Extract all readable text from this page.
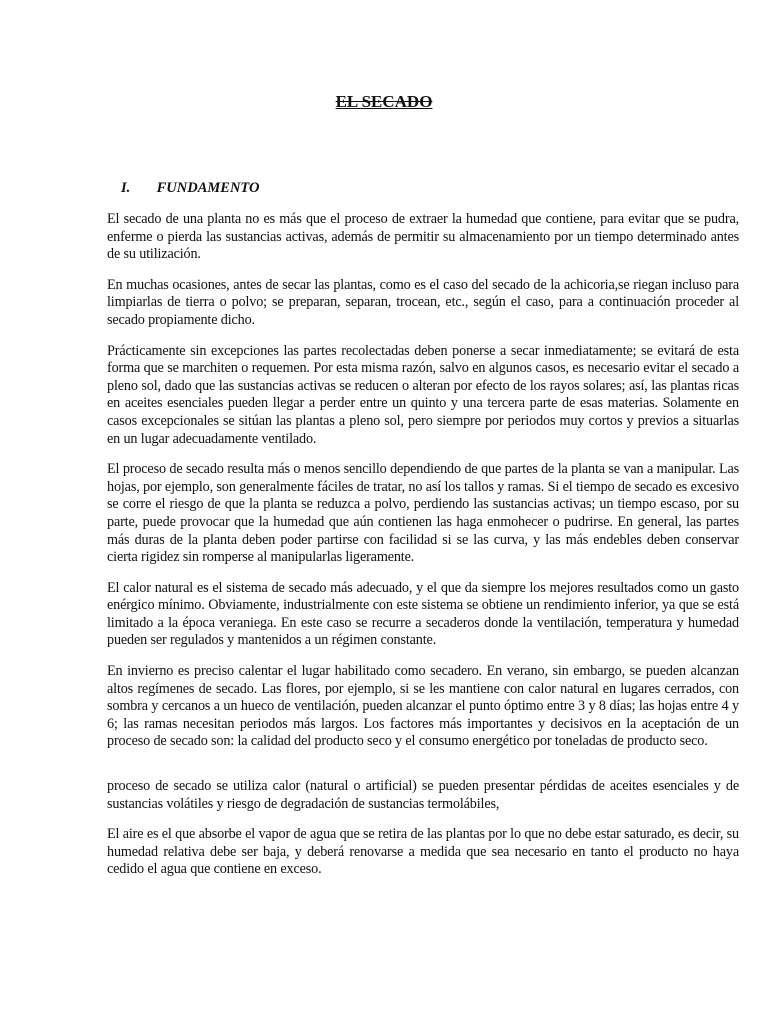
EL SECADO
I. FUNDAMENTO

El secado de una planta no es más que el proceso de extraer la humedad que contiene, para evitar que se pudra, enferme o pierda las sustancias activas, además de permitir su almacenamiento por un tiempo determinado antes de su utilización.

En muchas ocasiones, antes de secar las plantas, como es el caso del secado de la achicoria,se riegan incluso para limpiarlas de tierra o polvo; se preparan, separan, trocean, etc., según el caso, para a continuación proceder al secado propiamente dicho.

Prácticamente sin excepciones las partes recolectadas deben ponerse a secar inmediatamente; se evitará de esta forma que se marchiten o requemen. Por esta misma razón, salvo en algunos casos, es necesario evitar el secado a pleno sol, dado que las sustancias activas se reducen o alteran por efecto de los rayos solares; así, las plantas ricas en aceites esenciales pueden llegar a perder entre un quinto y una tercera parte de esas materias. Solamente en casos excepcionales se sitúan las plantas a pleno sol, pero siempre por periodos muy cortos y previos a situarlas en un lugar adecuadamente ventilado.

El proceso de secado resulta más o menos sencillo dependiendo de que partes de la planta se van a manipular. Las hojas, por ejemplo, son generalmente fáciles de tratar, no así los tallos y ramas. Si el tiempo de secado es excesivo se corre el riesgo de que la planta se reduzca a polvo, perdiendo las sustancias activas; un tiempo escaso, por su parte, puede provocar que la humedad que aún contienen las haga enmohecer o pudrirse. En general, las partes más duras de la planta deben poder partirse con facilidad si se las curva, y las más endebles deben conservar cierta rigidez sin romperse al manipularlas ligeramente.

El calor natural es el sistema de secado más adecuado, y el que da siempre los mejores resultados como un gasto enérgico mínimo. Obviamente, industrialmente con este sistema se obtiene un rendimiento inferior, ya que se está limitado a la época veraniega. En este caso se recurre a secaderos donde la ventilación, temperatura y humedad pueden ser regulados y mantenidos a un régimen constante.

En invierno es preciso calentar el lugar habilitado como secadero. En verano, sin embargo, se pueden alcanzan altos regímenes de secado. Las flores, por ejemplo, si se les mantiene con calor natural en lugares cerrados, con sombra y cercanos a un hueco de ventilación, pueden alcanzar el punto óptimo entre 3 y 8 días; las hojas entre 4 y 6; las ramas necesitan periodos más largos. Los factores más importantes y decisivos en la aceptación de un proceso de secado son: la calidad del producto seco y el consumo energético por toneladas de producto seco.

proceso de secado se utiliza calor (natural o artificial) se pueden presentar pérdidas de aceites esenciales y de sustancias volátiles y riesgo de degradación de sustancias termolábiles,

El aire es el que absorbe el vapor de agua que se retira de las plantas por lo que no debe estar saturado, es decir, su humedad relativa debe ser baja, y deberá renovarse a medida que sea necesario en tanto el producto no haya cedido el agua que contiene en exceso.
